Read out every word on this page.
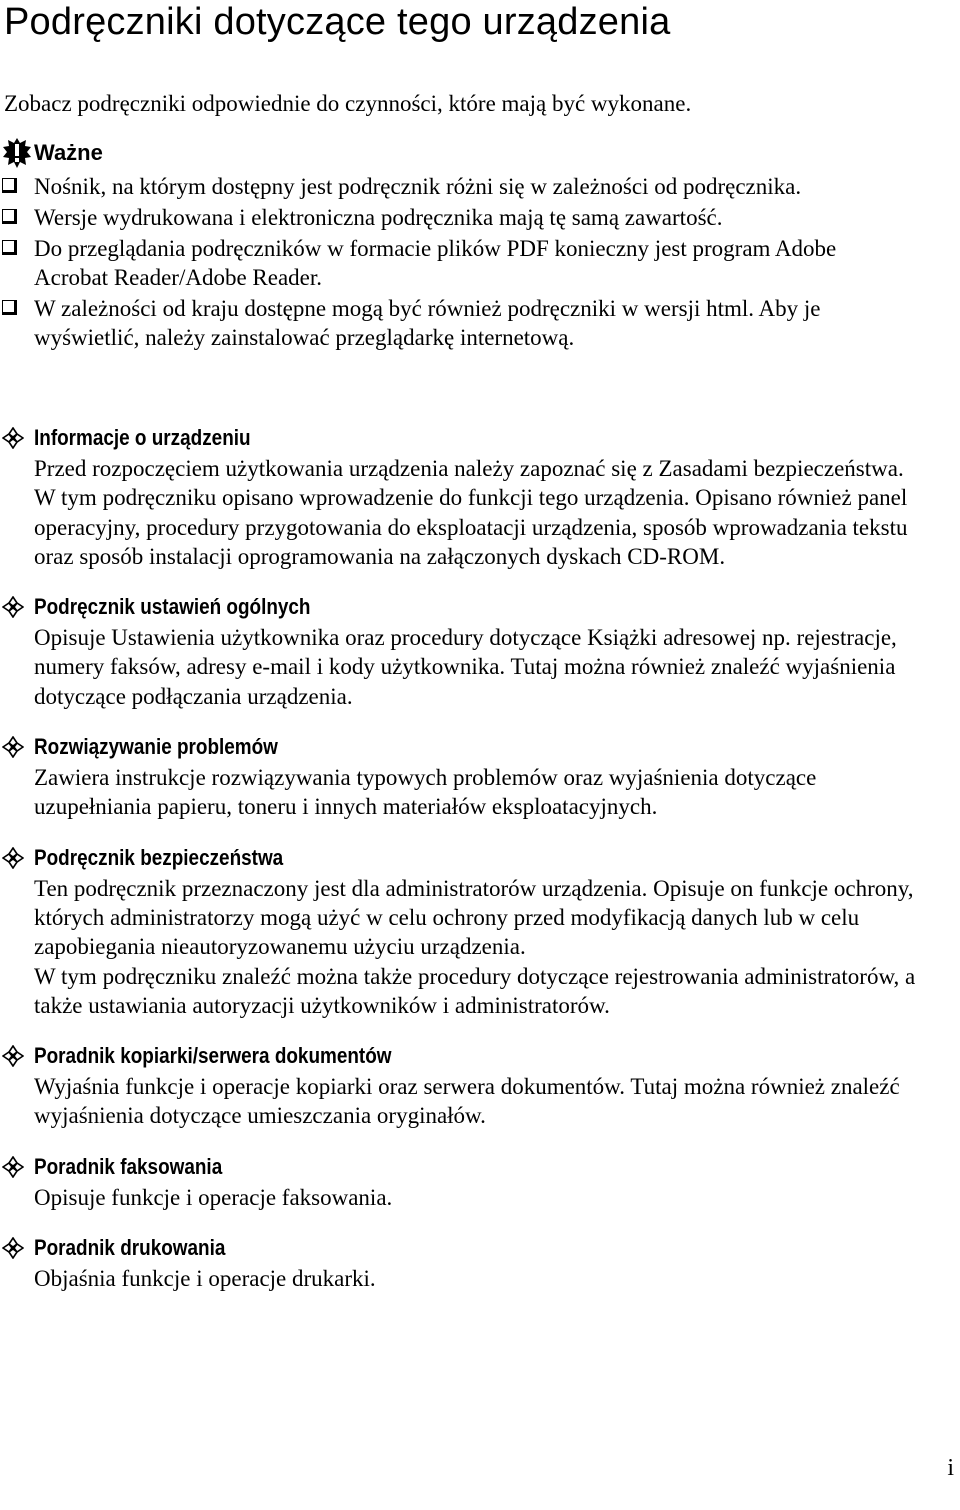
Podręczniki dotyczące tego urządzenia

Zobacz podręczniki odpowiednie do czynności, które mają być wykonane.

Ważne
Nośnik, na którym dostępny jest podręcznik różni się w zależności od podręcznika.
Wersje wydrukowana i elektroniczna podręcznika mają tę samą zawartość.
Do przeglądania podręczników w formacie plików PDF konieczny jest program Adobe Acrobat Reader/Adobe Reader.
W zależności od kraju dostępne mogą być również podręczniki w wersji html. Aby je wyświetlić, należy zainstalować przeglądarkę internetową.
Informacje o urządzeniu

Przed rozpoczęciem użytkowania urządzenia należy zapoznać się z Zasadami bezpieczeństwa.

W tym podręczniku opisano wprowadzenie do funkcji tego urządzenia. Opisano również panel operacyjny, procedury przygotowania do eksploatacji urządzenia, sposób wprowadzania tekstu oraz sposób instalacji oprogramowania na załączonych dyskach CD-ROM.

Podręcznik ustawień ogólnych

Opisuje Ustawienia użytkownika oraz procedury dotyczące Książki adresowej np. rejestracje, numery faksów, adresy e-mail i kody użytkownika. Tutaj można również znaleźć wyjaśnienia dotyczące podłączania urządzenia.

Rozwiązywanie problemów

Zawiera instrukcje rozwiązywania typowych problemów oraz wyjaśnienia dotyczące uzupełniania papieru, toneru i innych materiałów eksploatacyjnych.

Podręcznik bezpieczeństwa

Ten podręcznik przeznaczony jest dla administratorów urządzenia. Opisuje on funkcje ochrony, których administratorzy mogą użyć w celu ochrony przed modyfikacją danych lub w celu zapobiegania nieautoryzowanemu użyciu urządzenia.

W tym podręczniku znaleźć można także procedury dotyczące rejestrowania administratorów, a także ustawiania autoryzacji użytkowników i administratorów.

Poradnik kopiarki/serwera dokumentów

Wyjaśnia funkcje i operacje kopiarki oraz serwera dokumentów. Tutaj można również znaleźć wyjaśnienia dotyczące umieszczania oryginałów.

Poradnik faksowania

Opisuje funkcje i operacje faksowania.

Poradnik drukowania

Objaśnia funkcje i operacje drukarki.

i
